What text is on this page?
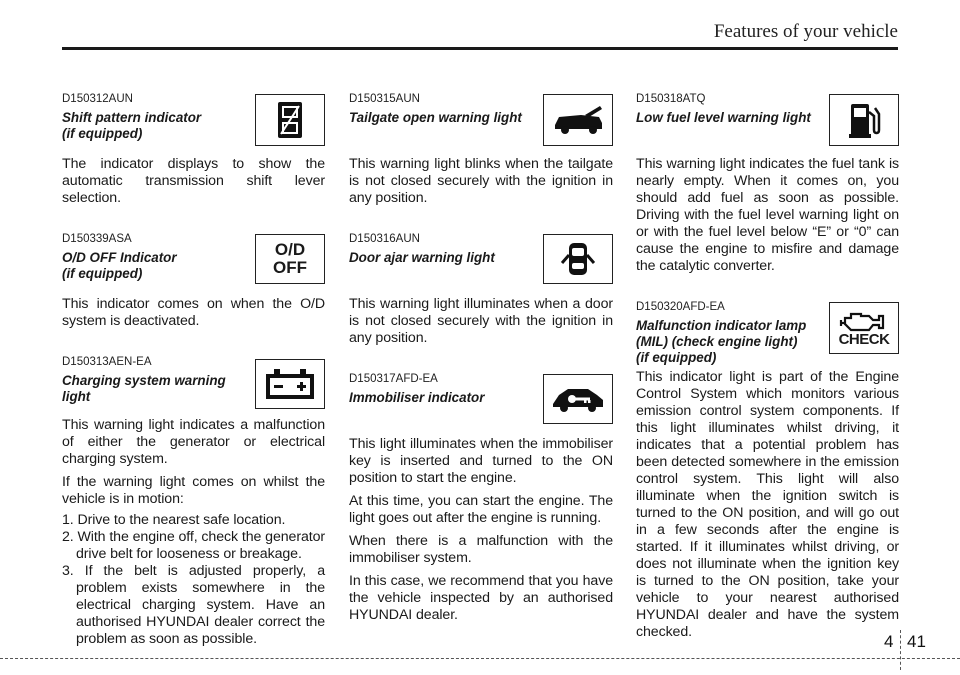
Features of your vehicle
D150312AUN
Shift pattern indicator
(if equipped)

The indicator displays to show the automatic transmission shift lever selection.

O/D
OFF
D150339ASA
O/D OFF Indicator
(if equipped)

This indicator comes on when the O/D system is deactivated.

D150313AEN-EA
Charging system warning
light

This warning light indicates a malfunction of either the generator or electrical charging system.

If the warning light comes on whilst the vehicle is in motion:

1. Drive to the nearest safe location.
2. With the engine off, check the generator drive belt for looseness or breakage.
3. If the belt is adjusted properly, a problem exists somewhere in the electrical charging system. Have an authorised HYUNDAI dealer correct the problem as soon as possible.
D150315AUN
Tailgate open warning light

This warning light blinks when the tailgate is not closed securely with the ignition in any position.

D150316AUN
Door ajar warning light

This warning light illuminates when a door is not closed securely with the ignition in any position.

D150317AFD-EA
Immobiliser indicator

This light illuminates when the immobiliser key is inserted and turned to the ON position to start the engine.

At this time, you can start the engine. The light goes out after the engine is running.

When there is a malfunction with the immobiliser system.

In this case, we recommend that you have the vehicle inspected by an authorised HYUNDAI dealer.

D150318ATQ
Low fuel level warning light

This warning light indicates the fuel tank is nearly empty. When it comes on, you should add fuel as soon as possible. Driving with the fuel level warning light on or with the fuel level below “E” or “0” can cause the engine to misfire and damage the catalytic converter.

CHECK
D150320AFD-EA
Malfunction indicator lamp
(MIL) (check engine light)
(if equipped)

This indicator light is part of the Engine Control System which monitors various emission control system components. If this light illuminates whilst driving, it indicates that a potential problem has been detected somewhere in the emission control system. This light will also illuminate when the ignition switch is turned to the ON position, and will go out in a few seconds after the engine is started. If it illuminates whilst driving, or does not illuminate when the ignition key is turned to the ON position, take your vehicle to your nearest authorised HYUNDAI dealer and have the system checked.	4 41
